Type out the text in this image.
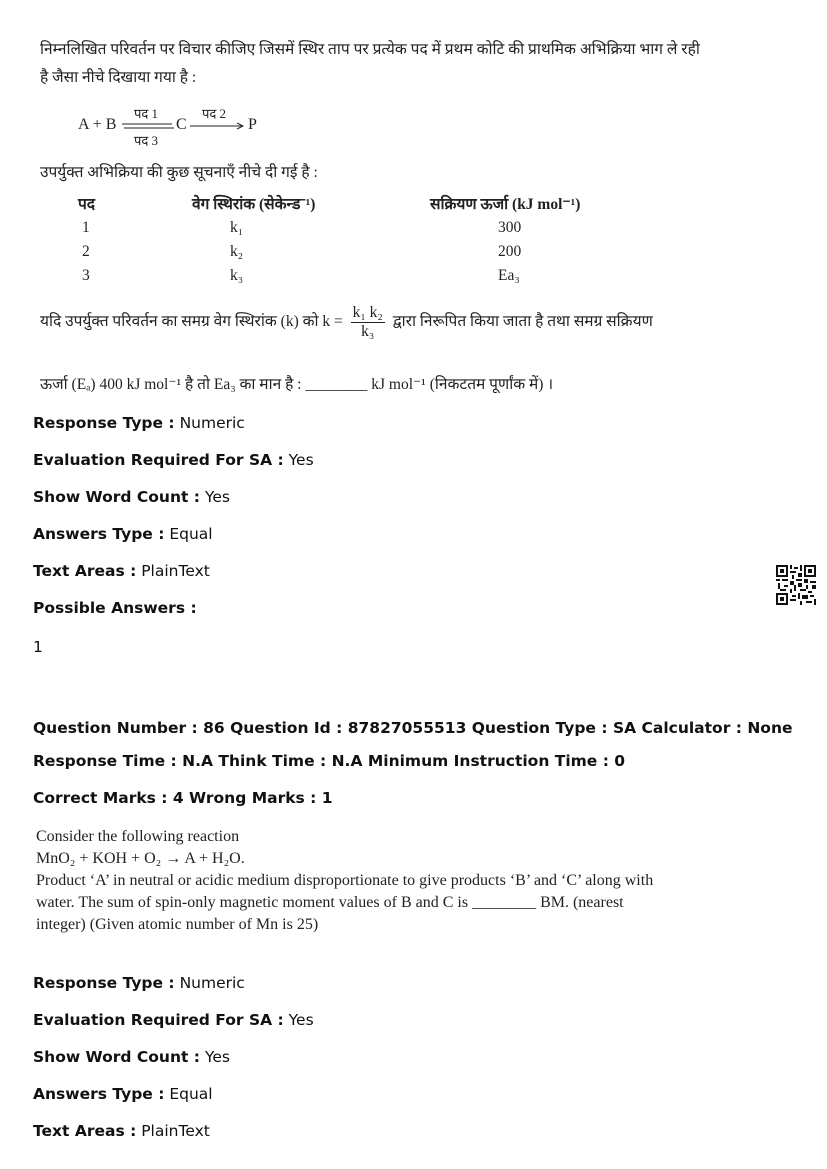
निम्नलिखित परिवर्तन पर विचार कीजिए जिसमें स्थिर ताप पर प्रत्येक पद में प्रथम कोटि की प्राथमिक अभिक्रिया भाग ले रही
है जैसा नीचे दिखाया गया है :
A + B
पद 1
पद 3
C
पद 2
P
उपर्युक्त अभिक्रिया की कुछ सूचनाएँ नीचे दी गई है :
पद	वेग स्थिरांक (सेकेन्ड⁻¹)	सक्रियण ऊर्जा (kJ mol⁻¹)
1	k₁	300
2	k₂	200
3	k₃	Ea₃
यदि उपर्युक्त परिवर्तन का समग्र वेग स्थिरांक (k) को $k = \frac{\text{k₁ k₂}}{\text{k₃}}$ द्वारा निरूपित किया जाता है तथा समग्र सक्रियण
ऊर्जा (Eₐ) 400 kJ mol⁻¹ है तो Ea₃ का मान है : ________ kJ mol⁻¹ (निकटतम पूर्णांक में) ।
Response Type : Numeric
Evaluation Required For SA : Yes
Show Word Count : Yes
Answers Type : Equal
Text Areas : PlainText
Possible Answers :
1
Question Number : 86 Question Id : 87827055513 Question Type : SA Calculator : None
Response Time : N.A Think Time : N.A Minimum Instruction Time : 0
Correct Marks : 4 Wrong Marks : 1
Consider the following reaction
MnO₂ + KOH + O₂ → A + H₂O.
Product ‘A’ in neutral or acidic medium disproportionate to give products ‘B’ and ‘C’ along with
water. The sum of spin-only magnetic moment values of B and C is ________ BM. (nearest
integer) (Given atomic number of Mn is 25)
Response Type : Numeric
Evaluation Required For SA : Yes
Show Word Count : Yes
Answers Type : Equal
Text Areas : PlainText
